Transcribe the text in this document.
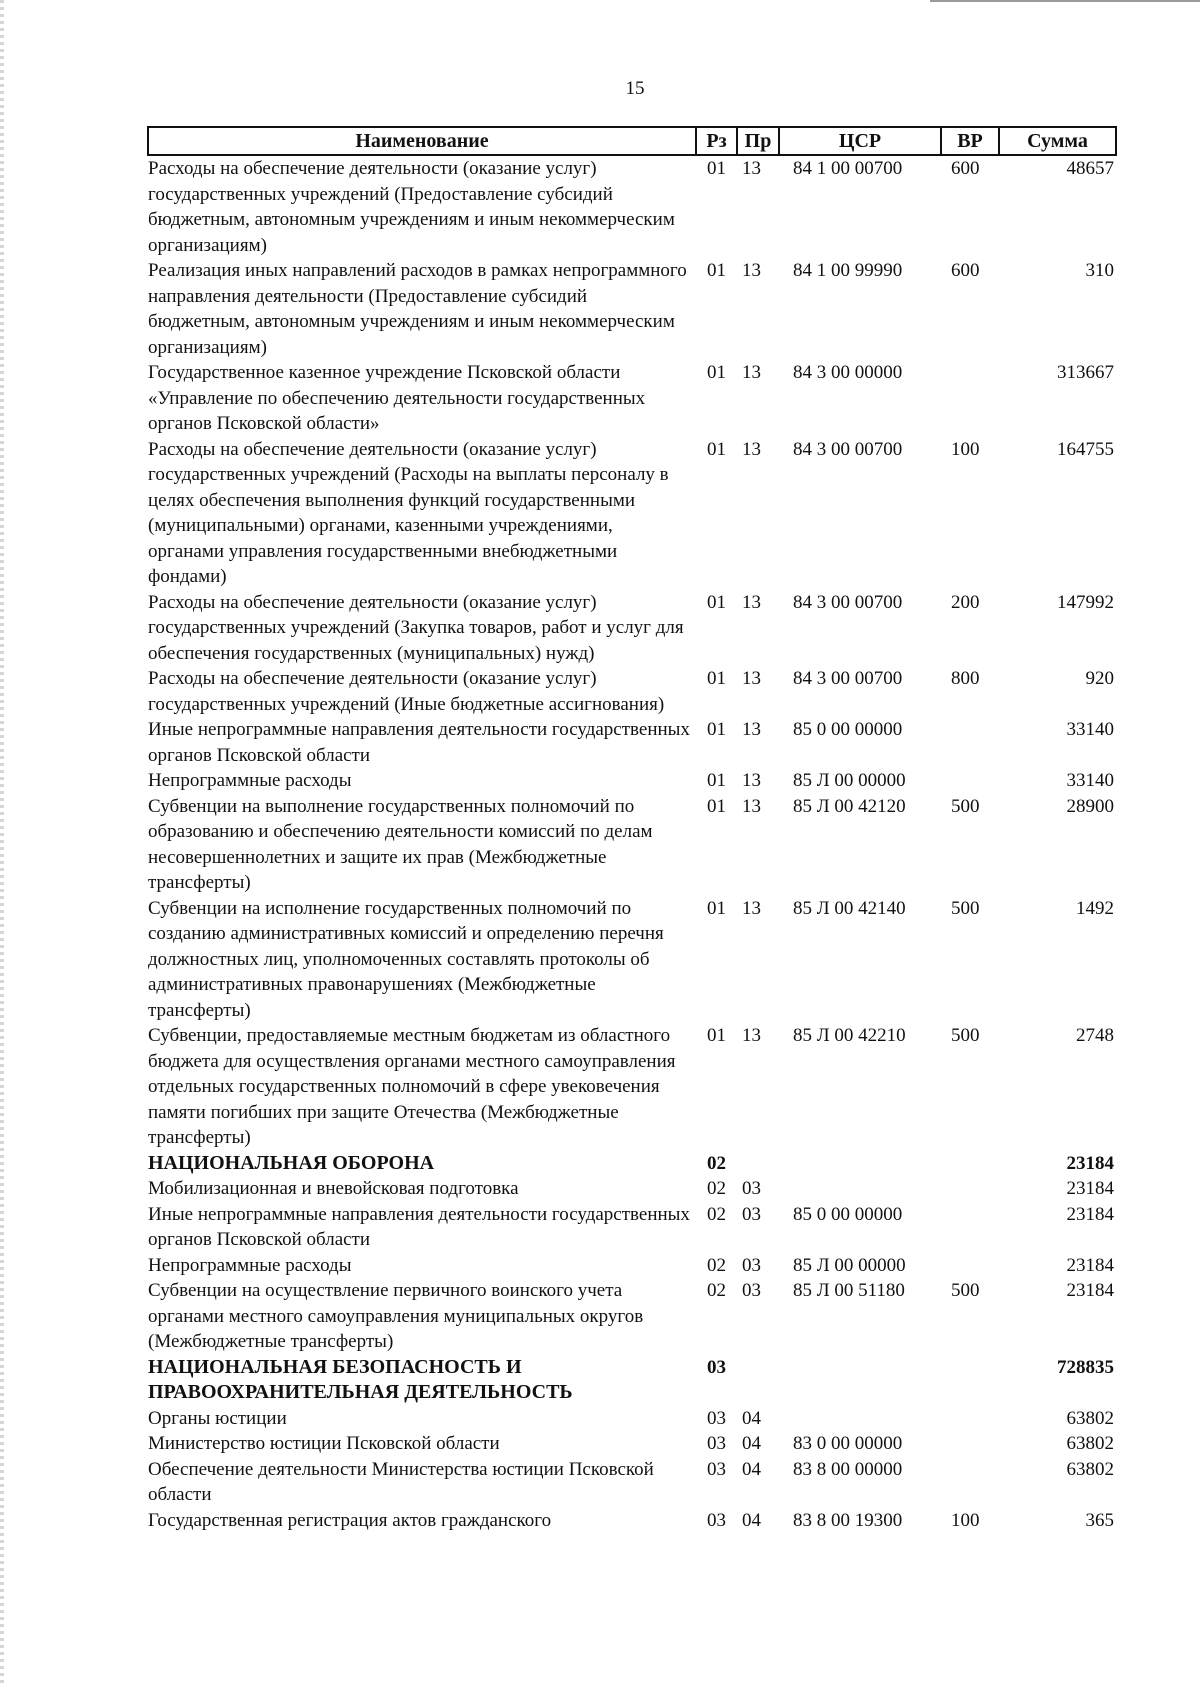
15
Наименование	Рз	Пр	ЦСР	ВР	Сумма
Расходы на обеспечение деятельности (оказание услуг) государственных учреждений (Предоставление субсидий бюджетным, автономным учреждениям и иным некоммерческим организациям)	01	13	84 1 00 00700	600	48657
Реализация иных направлений расходов в рамках непрограммного направления деятельности (Предоставление субсидий бюджетным, автономным учреждениям и иным некоммерческим организациям)	01	13	84 1 00 99990	600	310
Государственное казенное учреждение Псковской области «Управление по обеспечению деятельности государственных органов Псковской области»	01	13	84 3 00 00000		313667
Расходы на обеспечение деятельности (оказание услуг) государственных учреждений (Расходы на выплаты персоналу в целях обеспечения выполнения функций государственными (муниципальными) органами, казенными учреждениями, органами управления государственными внебюджетными фондами)	01	13	84 3 00 00700	100	164755
Расходы на обеспечение деятельности (оказание услуг) государственных учреждений (Закупка товаров, работ и услуг для обеспечения государственных (муниципальных) нужд)	01	13	84 3 00 00700	200	147992
Расходы на обеспечение деятельности (оказание услуг) государственных учреждений (Иные бюджетные ассигнования)	01	13	84 3 00 00700	800	920
Иные непрограммные направления деятельности государственных органов Псковской области	01	13	85 0 00 00000		33140
Непрограммные расходы	01	13	85 Л 00 00000		33140
Субвенции на выполнение государственных полномочий по образованию и обеспечению деятельности комиссий по делам несовершеннолетних и защите их прав (Межбюджетные трансферты)	01	13	85 Л 00 42120	500	28900
Субвенции на исполнение государственных полномочий по созданию административных комиссий и определению перечня должностных лиц, уполномоченных составлять протоколы об административных правонарушениях (Межбюджетные трансферты)	01	13	85 Л 00 42140	500	1492
Субвенции, предоставляемые местным бюджетам из областного бюджета для осуществления органами местного самоуправления отдельных государственных полномочий в сфере увековечения памяти погибших при защите Отечества (Межбюджетные трансферты)	01	13	85 Л 00 42210	500	2748
НАЦИОНАЛЬНАЯ ОБОРОНА	02				23184
Мобилизационная и вневойсковая подготовка	02	03			23184
Иные непрограммные направления деятельности государственных органов Псковской области	02	03	85 0 00 00000		23184
Непрограммные расходы	02	03	85 Л 00 00000		23184
Субвенции на осуществление первичного воинского учета органами местного самоуправления муниципальных округов (Межбюджетные трансферты)	02	03	85 Л 00 51180	500	23184
НАЦИОНАЛЬНАЯ БЕЗОПАСНОСТЬ И ПРАВООХРАНИТЕЛЬНАЯ ДЕЯТЕЛЬНОСТЬ	03				728835
Органы юстиции	03	04			63802
Министерство юстиции Псковской области	03	04	83 0 00 00000		63802
Обеспечение деятельности Министерства юстиции Псковской области	03	04	83 8 00 00000		63802
Государственная регистрация актов гражданского	03	04	83 8 00 19300	100	365
